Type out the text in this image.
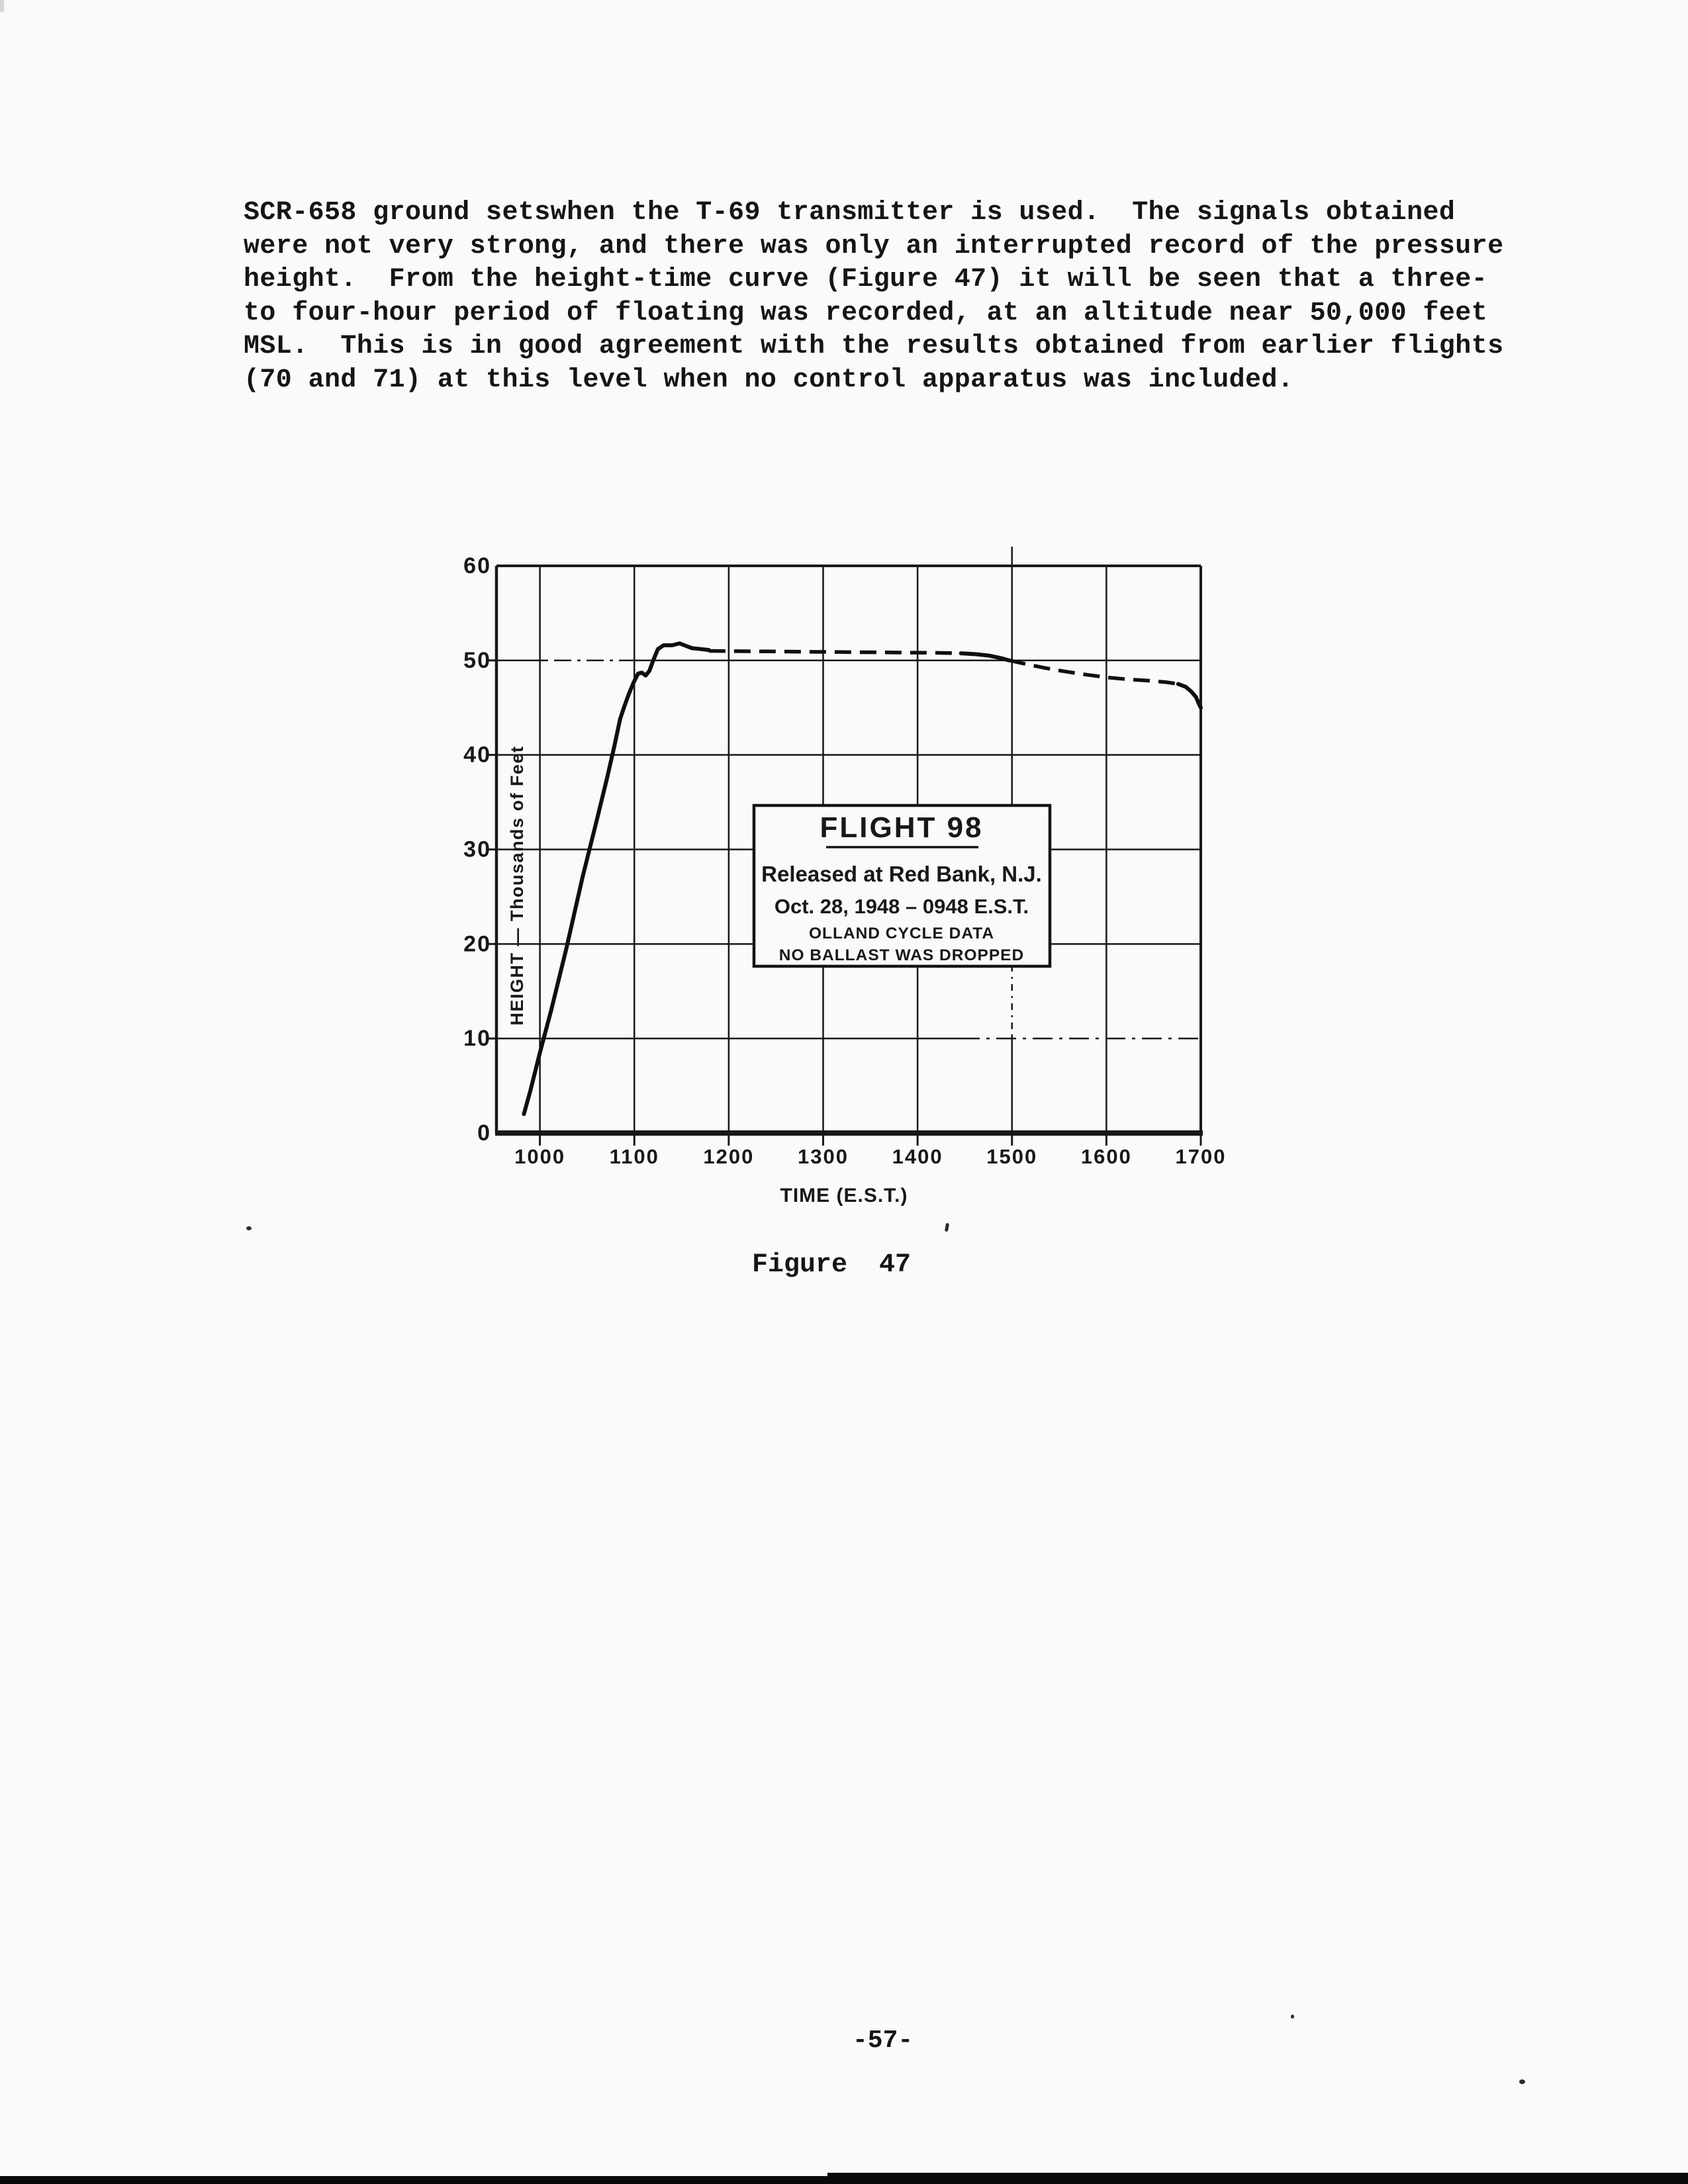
SCR-658 ground setswhen the T-69 transmitter is used.  The signals obtained
were not very strong, and there was only an interrupted record of the pressure
height.  From the height-time curve (Figure 47) it will be seen that a three-
to four-hour period of floating was recorded, at an altitude near 50,000 feet
MSL.  This is in good agreement with the results obtained from earlier flights
(70 and 71) at this level when no control apparatus was included.
1000 1100 1200 1300 1400 1500 1600 1700
0
10
20
30
40
50
60
HEIGHT — Thousands of Feet
TIME (E.S.T.)
FLIGHT 98
Released at Red Bank, N.J.
Oct. 28, 1948 – 0948 E.S.T.
OLLAND CYCLE DATA
NO BALLAST WAS DROPPED
Figure  47
-57-
